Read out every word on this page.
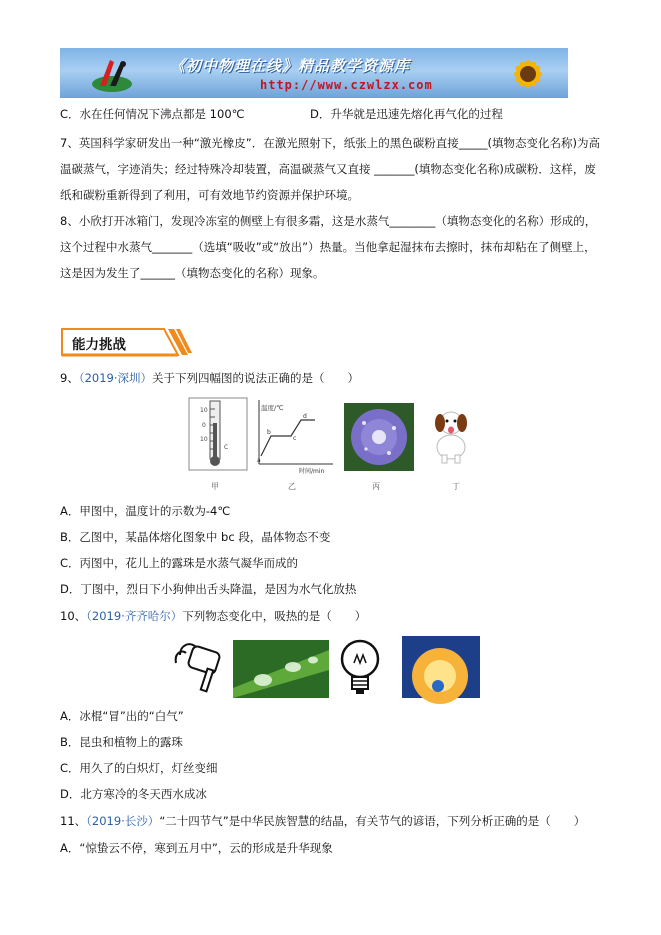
《初中物理在线》精品教学资源库
http://www.czwlzx.com
C．水在任何情况下沸点都是 100℃	D．升华就是迅速先熔化再气化的过程
7、英国科学家研发出一种“激光橡皮”．在激光照射下，纸张上的黑色碳粉直接_____(填物态变化名称)为高
温碳蒸气，字迹消失；经过特殊冷却装置，高温碳蒸气又直接 _______(填物态变化名称)成碳粉．这样，废
纸和碳粉重新得到了利用，可有效地节约资源并保护环境。
8、小欣打开冰箱门，发现冷冻室的侧壁上有很多霜，这是水蒸气________（填物态变化的名称）形成的，
这个过程中水蒸气_______（选填“吸收”或“放出”）热量。当他拿起湿抹布去擦时，抹布却粘在了侧壁上，
这是因为发生了______（填物态变化的名称）现象。
能力挑战
9、（2019·深圳）关于下列四幅图的说法正确的是（　　）
10
0
10
C
甲
温度/℃
时间/min
a
b
c
d
乙	丙	丁
A．甲图中，温度计的示数为-4℃
B．乙图中，某晶体熔化图象中 bc 段，晶体物态不变
C．丙图中，花儿上的露珠是水蒸气凝华而成的
D．丁图中，烈日下小狗伸出舌头降温，是因为水气化放热
10、（2019·齐齐哈尔）下列物态变化中，吸热的是（　　）
A．冰棍“冒”出的“白气”
B．昆虫和植物上的露珠
C．用久了的白炽灯，灯丝变细
D．北方寒冷的冬天西水成冰
11、（2019·长沙）“二十四节气”是中华民族智慧的结晶，有关节气的谚语，下列分析正确的是（　　）
A．“惊蛰云不停，寒到五月中”，云的形成是升华现象
